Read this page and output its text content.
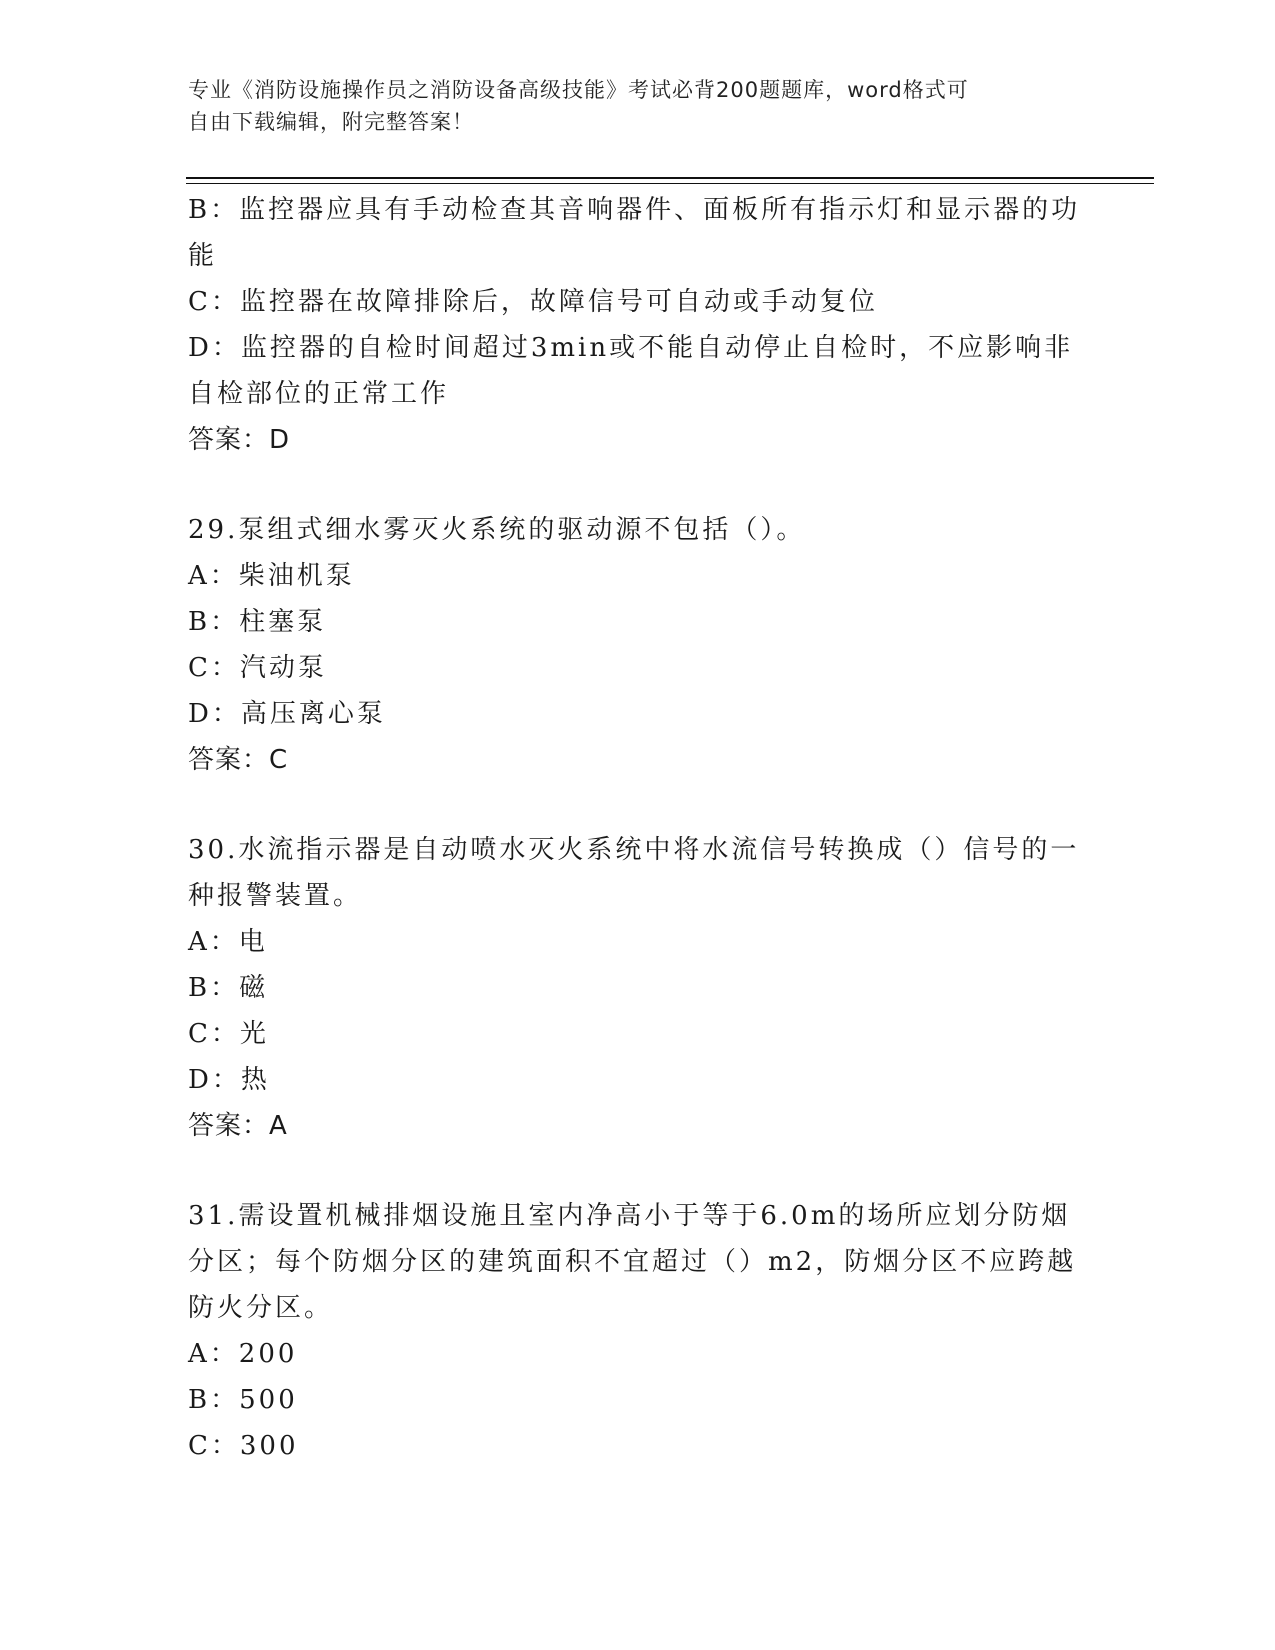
专业《消防设施操作员之消防设备高级技能》考试必背200题题库，word格式可
自由下载编辑，附完整答案！
B：监控器应具有手动检查其音响器件、面板所有指示灯和显示器的功
能
C：监控器在故障排除后，故障信号可自动或手动复位
D：监控器的自检时间超过3min或不能自动停止自检时，不应影响非
自检部位的正常工作
答案：D
29.泵组式细水雾灭火系统的驱动源不包括（）。
A：柴油机泵
B：柱塞泵
C：汽动泵
D：高压离心泵
答案：C
30.水流指示器是自动喷水灭火系统中将水流信号转换成（）信号的一
种报警装置。
A：电
B：磁
C：光
D：热
答案：A
31.需设置机械排烟设施且室内净高小于等于6.0m的场所应划分防烟
分区；每个防烟分区的建筑面积不宜超过（）m2，防烟分区不应跨越
防火分区。
A：200
B：500
C：300
